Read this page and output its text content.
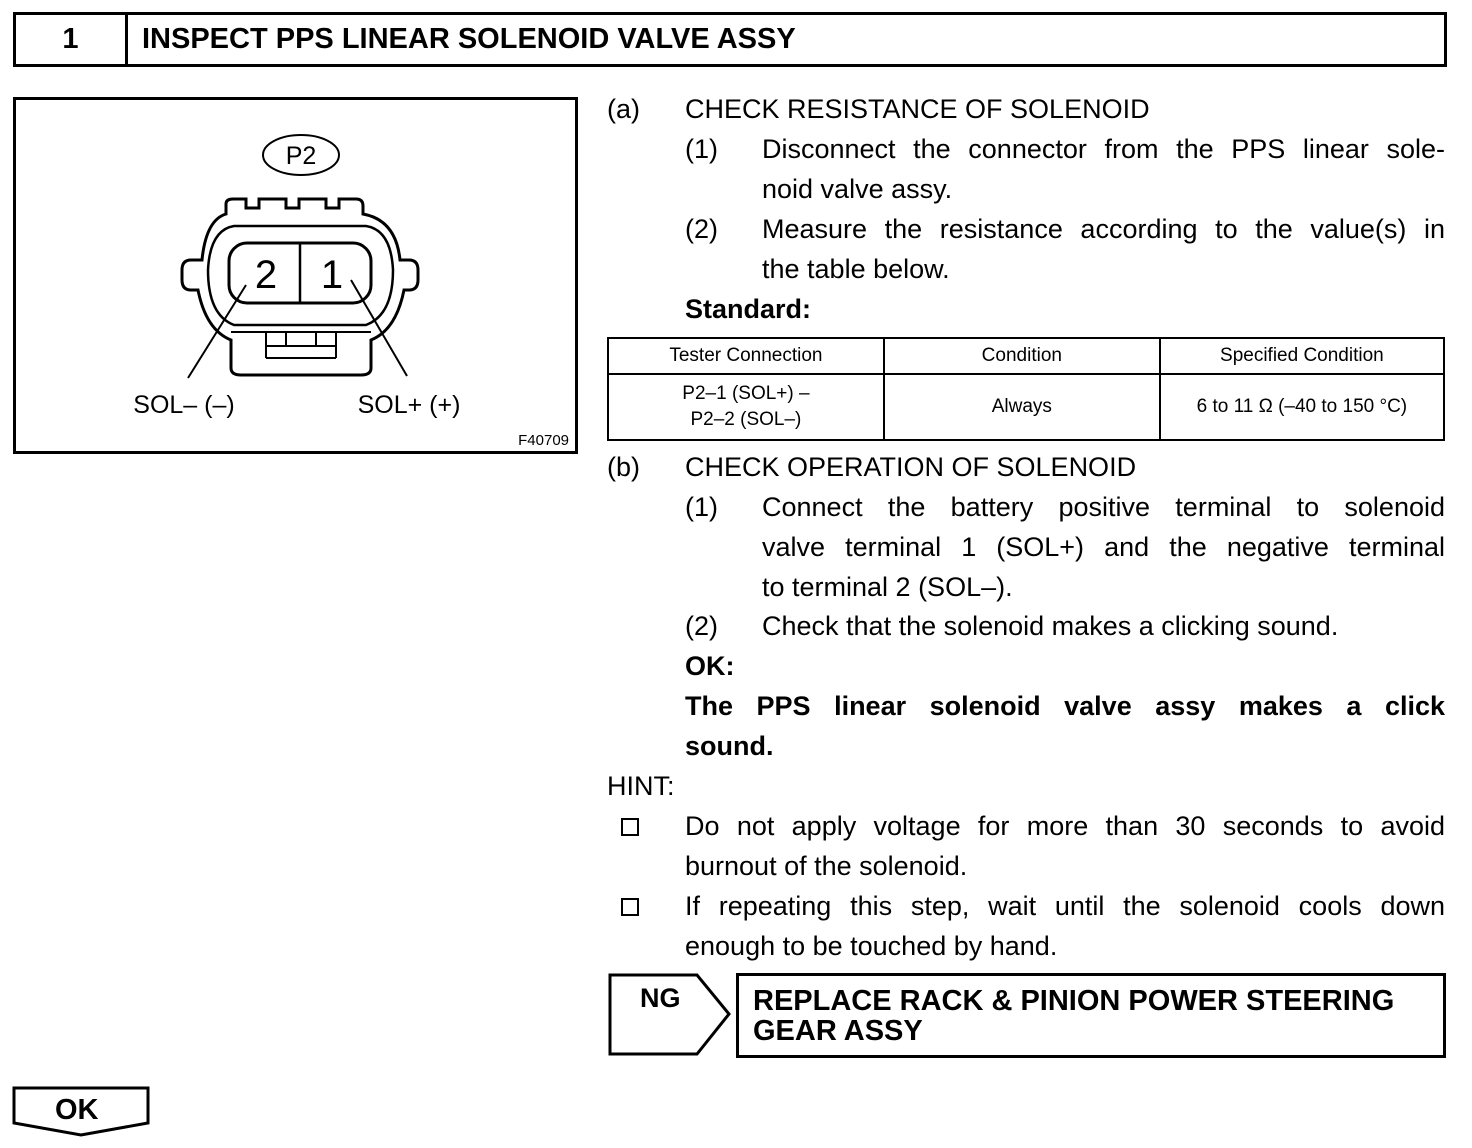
1	INSPECT PPS LINEAR SOLENOID VALVE ASSY
P2
2 1
SOL– (–)	SOL+ (+)
F40709
(a) CHECK RESISTANCE OF SOLENOID
(1) Disconnect the connector from the PPS linear sole-
noid valve assy.
(2) Measure the resistance according to the value(s) in
the table below.
Standard:
Tester Connection	Condition	Specified Condition

P2–1 (SOL+) –
P2–2 (SOL–)	Always	6 to 11 Ω (–40 to 150 °C)
(b) CHECK OPERATION OF SOLENOID
(1) Connect the battery positive terminal to solenoid
valve terminal 1 (SOL+) and the negative terminal
to terminal 2 (SOL–).
(2) Check that the solenoid makes a clicking sound.
OK:
The PPS linear solenoid valve assy makes a click
sound.
HINT:
Do not apply voltage for more than 30 seconds to avoid
burnout of the solenoid.
If repeating this step, wait until the solenoid cools down
enough to be touched by hand.
NG	REPLACE RACK & PINION POWER STEERING
GEAR ASSY
OK
